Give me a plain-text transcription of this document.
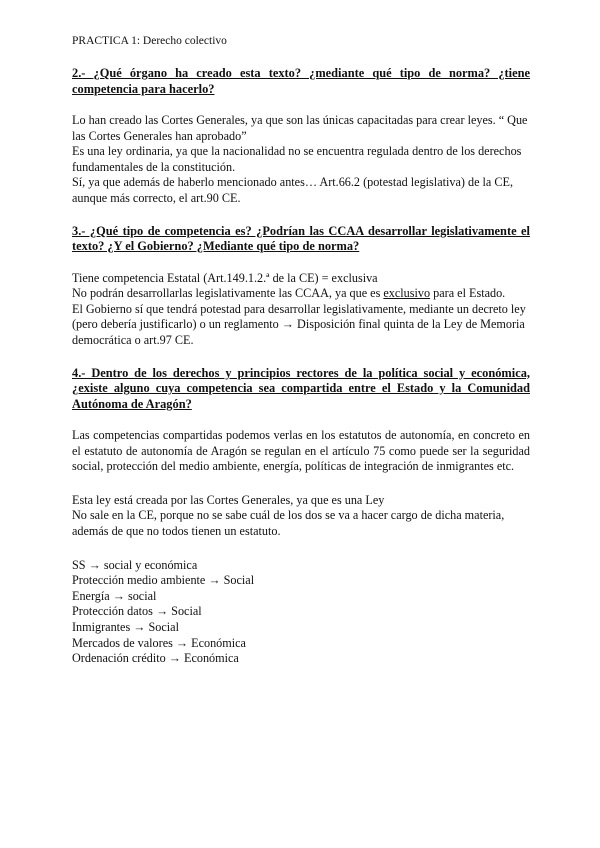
PRACTICA 1: Derecho colectivo

2.- ¿Qué órgano ha creado esta texto? ¿mediante qué tipo de norma? ¿tiene competencia para hacerlo?

Lo han creado las Cortes Generales, ya que son las únicas capacitadas para crear leyes. “ Que las Cortes Generales han aprobado”

Es una ley ordinaria, ya que la nacionalidad no se encuentra regulada dentro de los derechos fundamentales de la constitución.

Sí, ya que además de haberlo mencionado antes… Art.66.2 (potestad legislativa) de la CE, aunque más correcto, el art.90 CE.

3.- ¿Qué tipo de competencia es? ¿Podrían las CCAA desarrollar legislativamente el texto? ¿Y el Gobierno? ¿Mediante qué tipo de norma?

Tiene competencia Estatal (Art.149.1.2.ª de la CE) = exclusiva

No podrán desarrollarlas legislativamente las CCAA, ya que es exclusivo para el Estado.

El Gobierno sí que tendrá potestad para desarrollar legislativamente, mediante un decreto ley (pero debería justificarlo) o un reglamento → Disposición final quinta de la Ley de Memoria democrática o art.97 CE.

4.- Dentro de los derechos y principios rectores de la política social y económica, ¿existe alguno cuya competencia sea compartida entre el Estado y la Comunidad Autónoma de Aragón?

Las competencias compartidas podemos verlas en los estatutos de autonomía, en concreto en el estatuto de autonomía de Aragón se regulan en el artículo 75 como puede ser la seguridad social, protección del medio ambiente, energía, políticas de integración de inmigrantes etc.

Esta ley está creada por las Cortes Generales, ya que es una Ley

No sale en la CE, porque no se sabe cuál de los dos se va a hacer cargo de dicha materia, además de que no todos tienen un estatuto.

SS → social y económica
Protección medio ambiente → Social
Energía → social
Protección datos → Social
Inmigrantes → Social
Mercados de valores → Económica
Ordenación crédito → Económica
